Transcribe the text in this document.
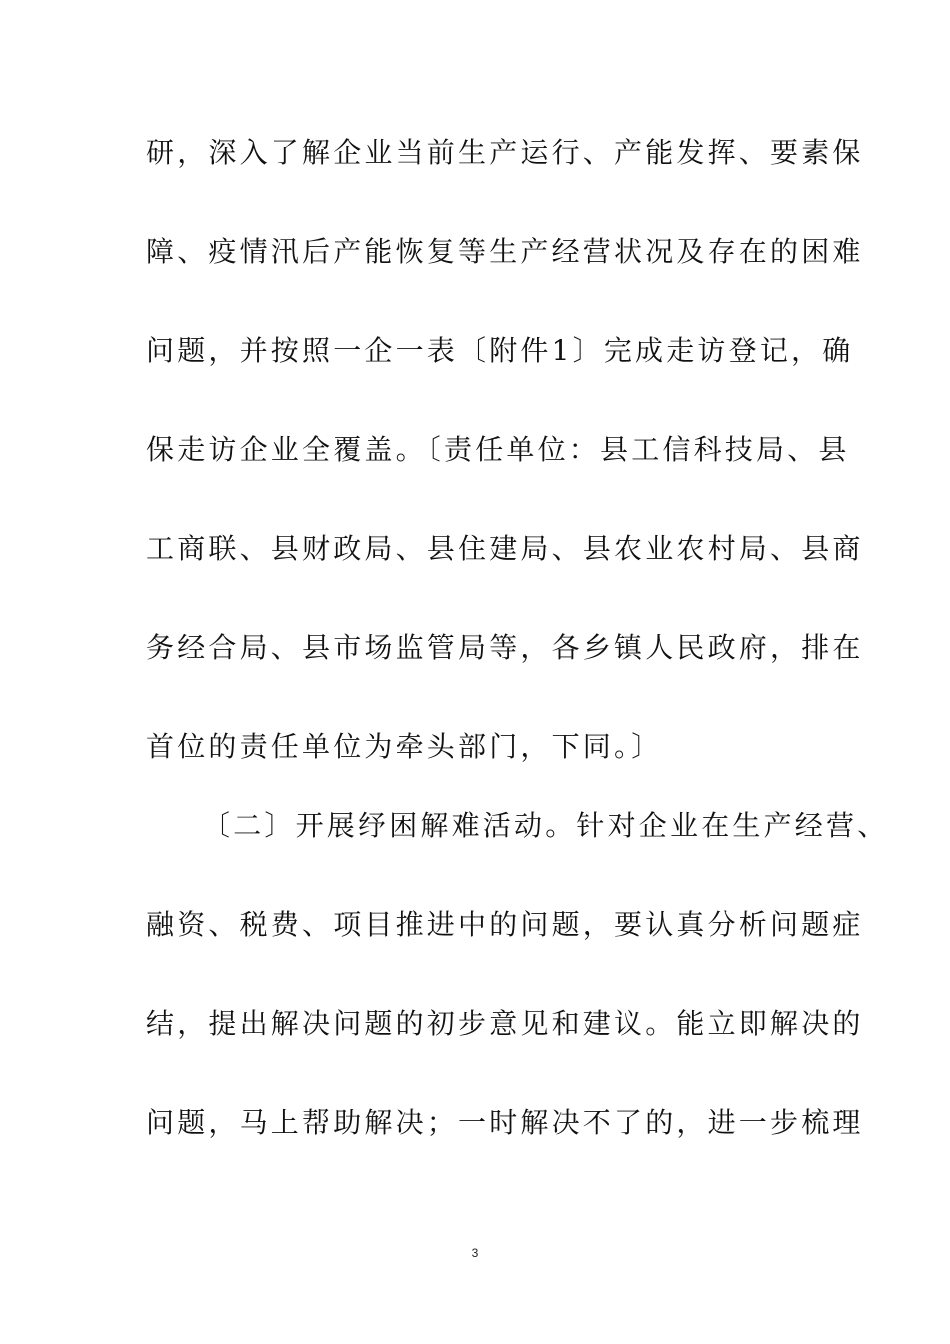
研，深入了解企业当前生产运行、产能发挥、要素保
障、疫情汛后产能恢复等生产经营状况及存在的困难
问题，并按照一企一表〔附件1〕完成走访登记，确
保走访企业全覆盖。〔责任单位：县工信科技局、县
工商联、县财政局、县住建局、县农业农村局、县商
务经合局、县市场监管局等，各乡镇人民政府，排在
首位的责任单位为牵头部门，下同。〕
〔二〕开展纾困解难活动。针对企业在生产经营、
融资、税费、项目推进中的问题，要认真分析问题症
结，提出解决问题的初步意见和建议。能立即解决的
问题，马上帮助解决；一时解决不了的，进一步梳理
3
